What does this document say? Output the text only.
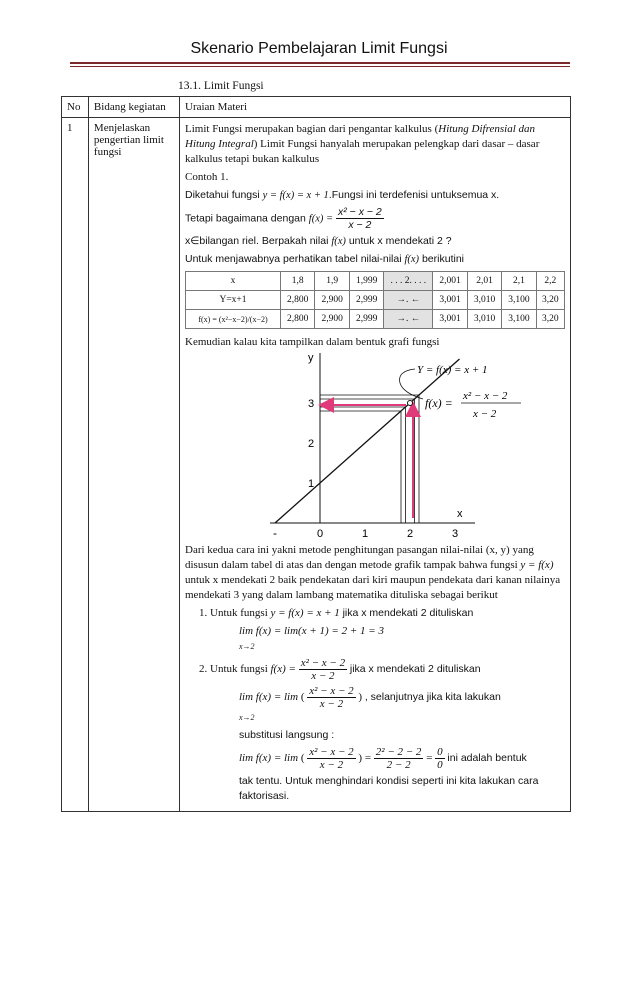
Skenario Pembelajaran Limit Fungsi
13.1. Limit Fungsi
No	Bidang kegiatan	Uraian Materi
1	Menjelaskan pengertian limit fungsi	

Limit Fungsi merupakan bagian dari pengantar kalkulus (Hitung Difrensial dan Hitung Integral) Limit Fungsi hanyalah merupakan pelengkap dari dasar – dasar kalkulus tetapi bukan kalkulus

Contoh 1.

Diketahui fungsi y = f(x) = x + 1.Fungsi ini terdefenisi untuksemua x.

Tetapi bagaimana dengan $f(x) = \frac{\text{x² − x − 2}}{x - 2}$

x∈bilangan riel. Berpakah nilai f(x) untuk x mendekati 2 ?

Untuk menjawabnya perhatikan tabel nilai-nilai f(x) berikutini

x	1,8	1,9	1,999	. . . 2. . . .	2,001	2,01	2,1	2,2
Y=x+1	2,800	2,900	2,999	→. ←	3,001	3,010	3,100	3,20
f(x) = (x²−x−2)/(x−2)	2,800	2,900	2,999	→. ←	3,001	3,010	3,100	3,20

Kemudian kalau kita tampilkan dalam bentuk grafi fungsi

0	1	2	3
1
2
3
x
y
-
Y = f(x) = x + 1
f(x) = x² − x − 2
x − 2

Dari kedua cara ini yakni metode penghitungan pasangan nilai-nilai (x, y) yang disusun dalam tabel di atas dan dengan metode grafik tampak bahwa fungsi y = f(x) untuk x mendekati 2 baik pendekatan dari kiri maupun pendekata dari kanan nilainya mendekati 3 yang dalam lambang matematika dituliska sebagai berikut

1. Untuk fungsi y = f(x) = x + 1 jika x mendekati 2 dituliskan

lim f(x) = lim(x + 1) = 2 + 1 = 3
x→2

2. Untuk fungsi $f(x) = \frac{\text{x² − x − 2}}{x - 2}$ jika x mendekati 2 dituliskan

lim f(x) = lim ( $\frac{\text{x² − x − 2}}{x - 2}$ ) , selanjutnya jika kita lakukan
x→2

substitusi langsung :

lim f(x) = lim ( $\frac{\text{x² − x − 2}}{x - 2}$ ) = $\frac{\text{2² − 2 − 2}}{2 - 2} = \frac{0}{0}$ ini adalah bentuk

tak tentu. Untuk menghindari kondisi seperti ini kita lakukan cara faktorisasi.
